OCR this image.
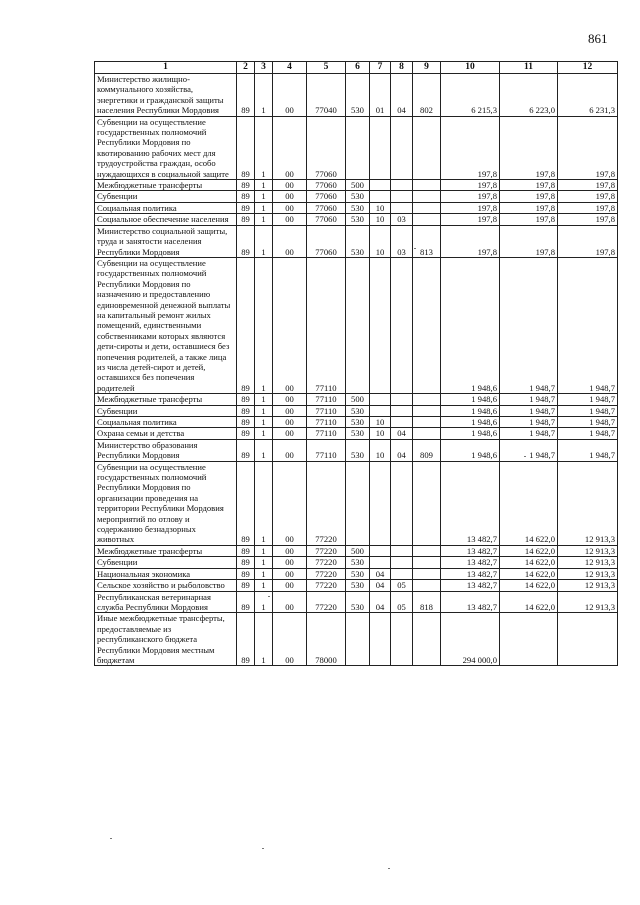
861
1	2	3	4	5	6	7	8	9	10	11	12
Министерство жилищно-коммунального хозяйства, энергетики и гражданской защиты населения Республики Мордовия	89	1	00	77040	530	01	04	802	6 215,3	6 223,0	6 231,3
Субвенции на осуществление государственных полномочий Республики Мордовия по квотированию рабочих мест для трудоустройства граждан, особо нуждающихся в социальной защите	89	1	00	77060					197,8	197,8	197,8
Межбюджетные трансферты	89	1	00	77060	500				197,8	197,8	197,8
Субвенции	89	1	00	77060	530				197,8	197,8	197,8
Социальная политика	89	1	00	77060	530	10			197,8	197,8	197,8
Социальное обеспечение населения	89	1	00	77060	530	10	03		197,8	197,8	197,8
Министерство социальной защиты, труда и занятости населения Республики Мордовия	89	1	00	77060	530	10	03	813	197,8	197,8	197,8
Субвенции на осуществление государственных полномочий Республики Мордовия по назначению и предоставлению единовременной денежной выплаты на капитальный ремонт жилых помещений, единственными собственниками которых являются дети-сироты и дети, оставшиеся без попечения родителей, а также лица из числа детей-сирот и детей, оставшихся без попечения родителей	89	1	00	77110					1 948,6	1 948,7	1 948,7
Межбюджетные трансферты	89	1	00	77110	500				1 948,6	1 948,7	1 948,7
Субвенции	89	1	00	77110	530				1 948,6	1 948,7	1 948,7
Социальная политика	89	1	00	77110	530	10			1 948,6	1 948,7	1 948,7
Охрана семьи и детства	89	1	00	77110	530	10	04		1 948,6	1 948,7	1 948,7
Министерство образования Республики Мордовия	89	1	00	77110	530	10	04	809	1 948,6	1 948,7	1 948,7
Субвенции на осуществление государственных полномочий Республики Мордовия по организации проведения на территории Республики Мордовия мероприятий по отлову и содержанию безнадзорных животных	89	1	00	77220					13 482,7	14 622,0	12 913,3
Межбюджетные трансферты	89	1	00	77220	500				13 482,7	14 622,0	12 913,3
Субвенции	89	1	00	77220	530				13 482,7	14 622,0	12 913,3
Национальная экономика	89	1	00	77220	530	04			13 482,7	14 622,0	12 913,3
Сельское хозяйство и рыболовство	89	1	00	77220	530	04	05		13 482,7	14 622,0	12 913,3
Республиканская ветеринарная служба Республики Мордовия	89	1	00	77220	530	04	05	818	13 482,7	14 622,0	12 913,3
Иные межбюджетные трансферты, предоставляемые из республиканского бюджета Республики Мордовия местным бюджетам	89	1	00	78000					294 000,0		
